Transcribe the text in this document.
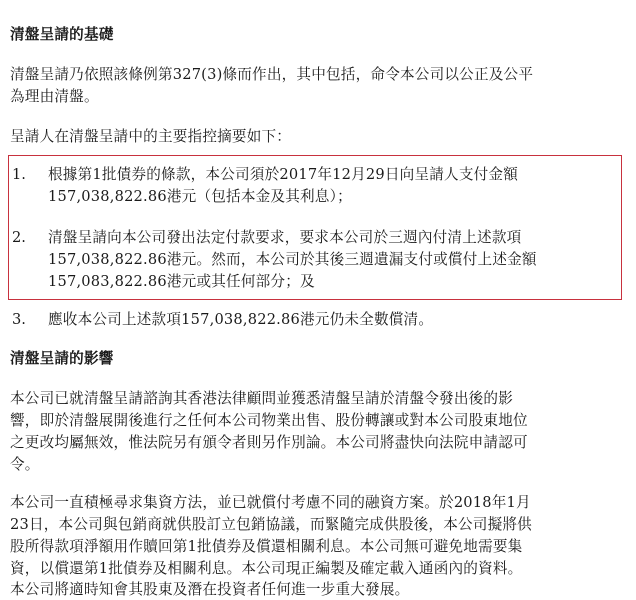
清盤呈請的基礎
清盤呈請乃依照該條例第327(3)條而作出，其中包括，命令本公司以公正及公平
為理由清盤。
呈請人在清盤呈請中的主要指控摘要如下：
1. 根據第1批債券的條款，本公司須於2017年12月29日向呈請人支付金額
157,038,822.86港元（包括本金及其利息）；
2. 清盤呈請向本公司發出法定付款要求，要求本公司於三週內付清上述款項
157,038,822.86港元。然而，本公司於其後三週遺漏支付或償付上述金額
157,083,822.86港元或其任何部分；及
3. 應收本公司上述款項157,038,822.86港元仍未全數償清。
清盤呈請的影響
本公司已就清盤呈請諮詢其香港法律顧問並獲悉清盤呈請於清盤令發出後的影
響，即於清盤展開後進行之任何本公司物業出售、股份轉讓或對本公司股東地位
之更改均屬無效，惟法院另有頒令者則另作別論。本公司將盡快向法院申請認可
令。
本公司一直積極尋求集資方法，並已就償付考慮不同的融資方案。於2018年1月
23日，本公司與包銷商就供股訂立包銷協議，而緊隨完成供股後，本公司擬將供
股所得款項淨額用作贖回第1批債券及償還相關利息。本公司無可避免地需要集
資，以償還第1批債券及相關利息。本公司現正編製及確定載入通函內的資料。
本公司將適時知會其股東及潛在投資者任何進一步重大發展。
